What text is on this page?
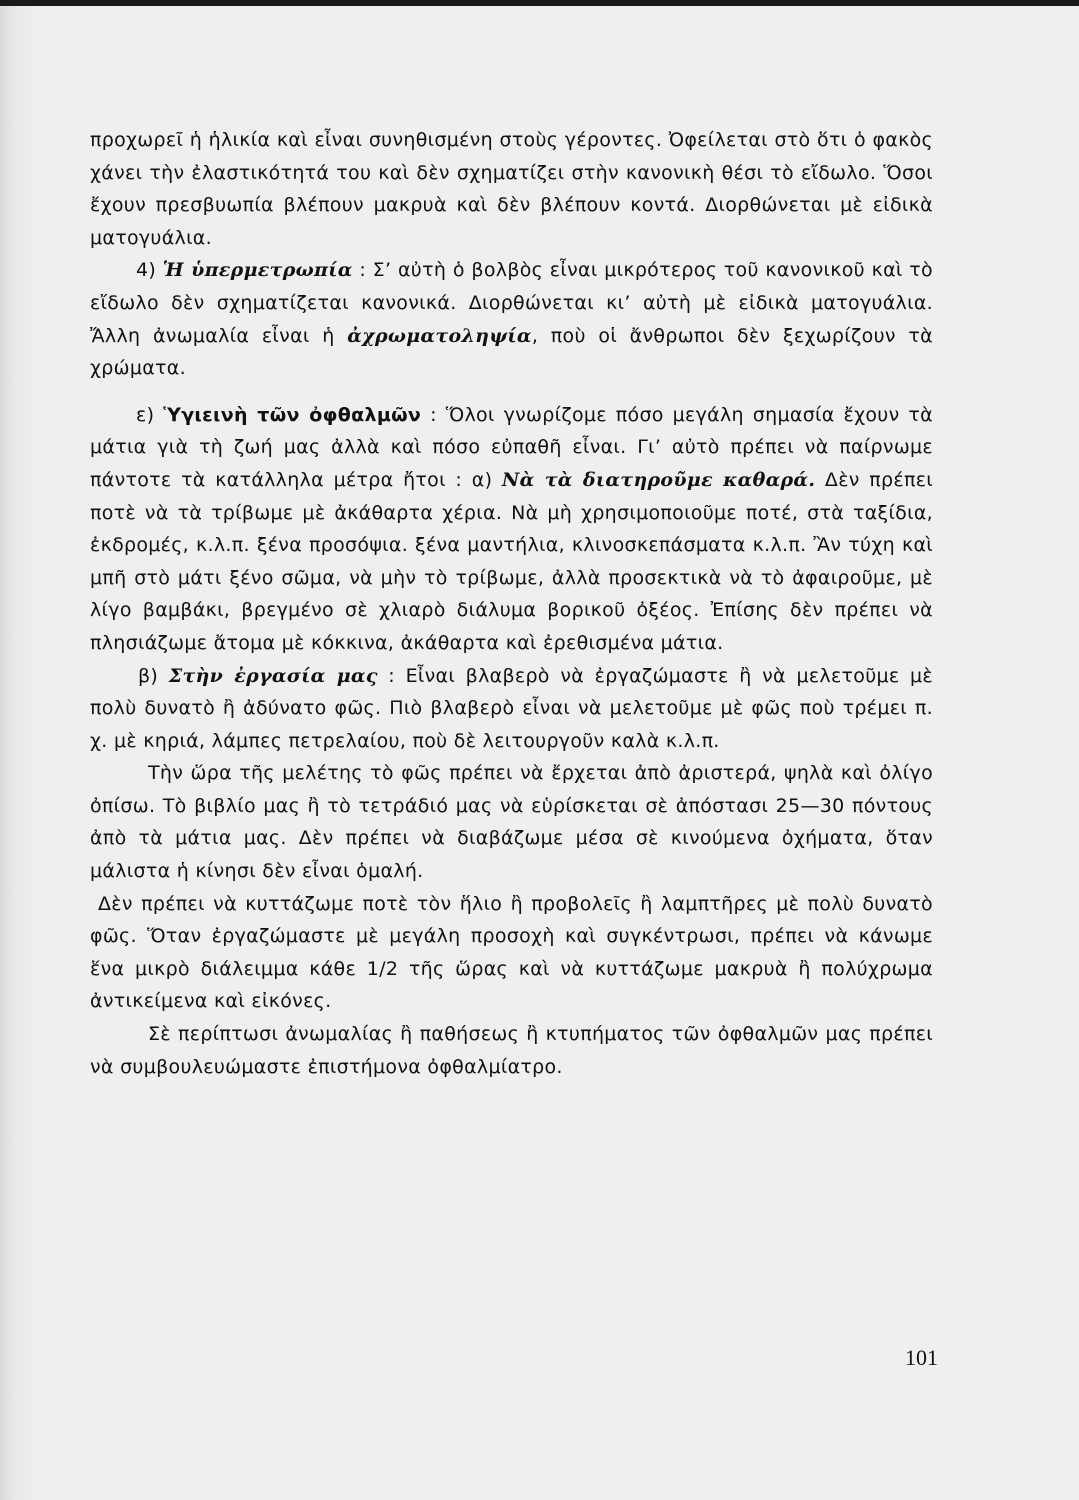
προχωρεῖ ἡ ἡλικία καὶ εἶναι συνηθισμένη στοὺς γέροντες. Ὀφείλεται στὸ ὅτι ὁ φακὸς χάνει τὴν ἐλαστικότητά του καὶ δὲν σχηματίζει στὴν κανονικὴ θέσι τὸ εἴδωλο. Ὅσοι ἔχουν πρεσβυωπία βλέπουν μακρυὰ καὶ δὲν βλέπουν κοντά. Διορθώνεται μὲ εἰδικὰ ματογυάλια.

4) Ἡ ὑπερμετρωπία : Σ’ αὐτὴ ὁ βολβὸς εἶναι μικρότερος τοῦ κανονικοῦ καὶ τὸ εἴδωλο δὲν σχηματίζεται κανονικά. Διορθώνεται κι’ αὐτὴ μὲ εἰδικὰ ματογυάλια. Ἄλλη ἀνωμαλία εἶναι ἡ ἀχρωματοληψία, ποὺ οἱ ἄνθρωποι δὲν ξεχωρίζουν τὰ χρώματα.

ε) Ὑγιεινὴ τῶν ὀφθαλμῶν : Ὅλοι γνωρίζομε πόσο μεγάλη σημασία ἔχουν τὰ μάτια γιὰ τὴ ζωή μας ἀλλὰ καὶ πόσο εὐπαθῆ εἶναι. Γι’ αὐτὸ πρέπει νὰ παίρνωμε πάντοτε τὰ κατάλληλα μέτρα ἤτοι : α) Νὰ τὰ διατηροῦμε καθαρά. Δὲν πρέπει ποτὲ νὰ τὰ τρίβωμε μὲ ἀκάθαρτα χέρια. Νὰ μὴ χρησιμοποιοῦμε ποτέ, στὰ ταξίδια, ἐκδρομές, κ.λ.π. ξένα προσόψια. ξένα μαντήλια, κλινοσκεπάσματα κ.λ.π. Ἂν τύχη καὶ μπῆ στὸ μάτι ξένο σῶμα, νὰ μὴν τὸ τρίβωμε, ἀλλὰ προσεκτικὰ νὰ τὸ ἀφαιροῦμε, μὲ λίγο βαμβάκι, βρεγμένο σὲ χλιαρὸ διάλυμα βορικοῦ ὀξέος. Ἐπίσης δὲν πρέπει νὰ πλησιάζωμε ἄτομα μὲ κόκκινα, ἀκάθαρτα καὶ ἐρεθισμένα μάτια.

β) Στὴν ἐργασία μας : Εἶναι βλαβερὸ νὰ ἐργαζώμαστε ἢ νὰ μελετοῦμε μὲ πολὺ δυνατὸ ἢ ἀδύνατο φῶς. Πιὸ βλαβερὸ εἶναι νὰ μελετοῦμε μὲ φῶς ποὺ τρέμει π. χ. μὲ κηριά, λάμπες πετρελαίου, ποὺ δὲ λειτουργοῦν καλὰ κ.λ.π.

Τὴν ὥρα τῆς μελέτης τὸ φῶς πρέπει νὰ ἔρχεται ἀπὸ ἀριστερά, ψηλὰ καὶ ὀλίγο ὀπίσω. Τὸ βιβλίο μας ἢ τὸ τετράδιό μας νὰ εὑρίσκεται σὲ ἀπόστασι 25—30 πόντους ἀπὸ τὰ μάτια μας. Δὲν πρέπει νὰ διαβάζωμε μέσα σὲ κινούμενα ὀχήματα, ὅταν μάλιστα ἡ κίνησι δὲν εἶναι ὁμαλή.

Δὲν πρέπει νὰ κυττάζωμε ποτὲ τὸν ἥλιο ἢ προβολεῖς ἢ λαμπτῆρες μὲ πολὺ δυνατὸ φῶς. Ὅταν ἐργαζώμαστε μὲ μεγάλη προσοχὴ καὶ συγκέντρωσι, πρέπει νὰ κάνωμε ἕνα μικρὸ διάλειμμα κάθε 1/2 τῆς ὥρας καὶ νὰ κυττάζωμε μακρυὰ ἢ πολύχρωμα ἀντικείμενα καὶ εἰκόνες.

Σὲ περίπτωσι ἀνωμαλίας ἢ παθήσεως ἢ κτυπήματος τῶν ὀφθαλμῶν μας πρέπει νὰ συμβουλευώμαστε ἐπιστήμονα ὀφθαλμίατρο.

101
